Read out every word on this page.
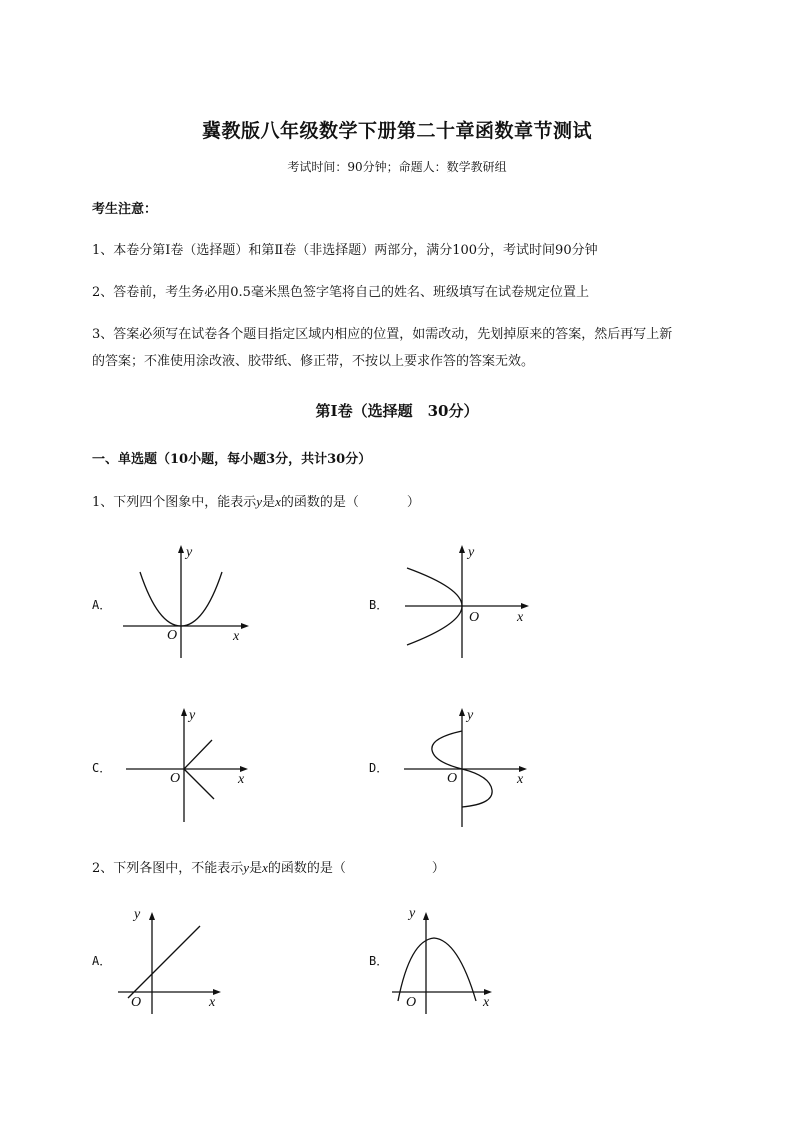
冀教版八年级数学下册第二十章函数章节测试
考试时间：90分钟；命题人：数学教研组
考生注意：
1、本卷分第I卷（选择题）和第Ⅱ卷（非选择题）两部分，满分100分，考试时间90分钟
2、答卷前，考生务必用0.5毫米黑色签字笔将自己的姓名、班级填写在试卷规定位置上
3、答案必须写在试卷各个题目指定区域内相应的位置，如需改动，先划掉原来的答案，然后再写上新
的答案；不准使用涂改液、胶带纸、修正带，不按以上要求作答的答案无效。
第I卷（选择题　30分）
一、单选题（10小题，每小题3分，共计30分）
1、下列四个图象中，能表示y是x的函数的是（	）
A．	B．
C．	D．
O	x
y
O	x
y
O	x
y
O	x
y
2、下列各图中，不能表示y是x的函数的是（	）
A．	B．
O	x
y
O	x
y
